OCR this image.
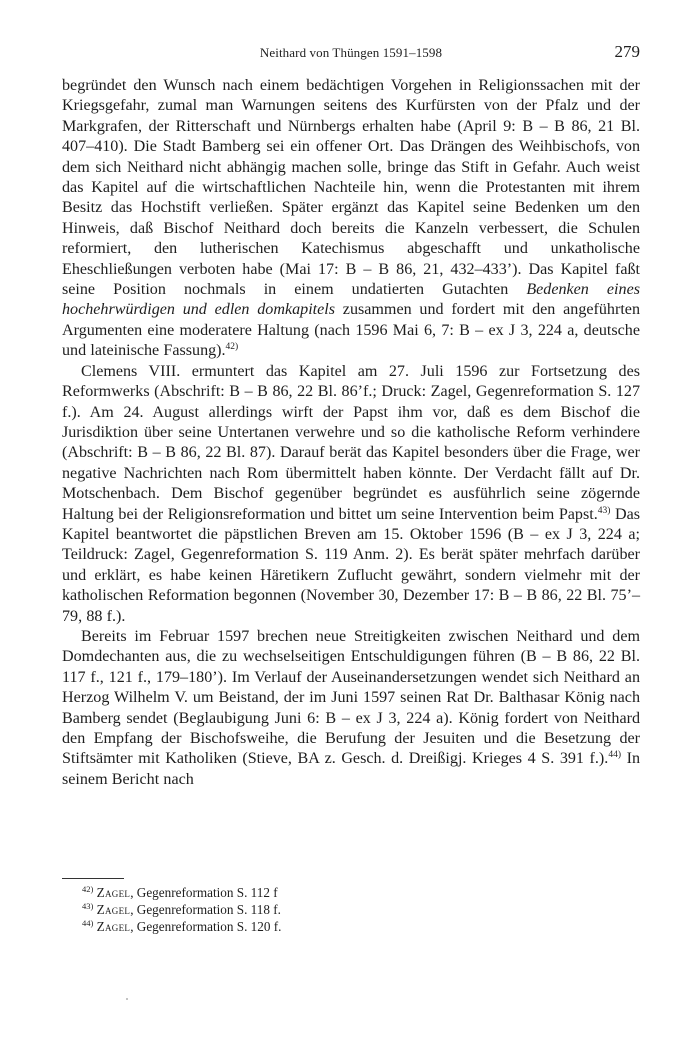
Neithard von Thüngen 1591–1598	279

begründet den Wunsch nach einem bedächtigen Vorgehen in Religionssachen mit der Kriegsgefahr, zumal man Warnungen seitens des Kurfürsten von der Pfalz und der Markgrafen, der Ritterschaft und Nürnbergs erhalten habe (April 9: B – B 86, 21 Bl. 407–410). Die Stadt Bamberg sei ein offener Ort. Das Drängen des Weihbischofs, von dem sich Neithard nicht abhängig machen solle, bringe das Stift in Gefahr. Auch weist das Kapitel auf die wirtschaftlichen Nachteile hin, wenn die Protestanten mit ihrem Besitz das Hochstift verließen. Später ergänzt das Kapitel seine Bedenken um den Hinweis, daß Bischof Neithard doch bereits die Kanzeln verbessert, die Schulen reformiert, den lutherischen Katechismus abgeschafft und unkatholische Eheschließungen verboten habe (Mai 17: B – B 86, 21, 432–433’). Das Kapitel faßt seine Position nochmals in einem undatierten Gutachten Bedenken eines hochehrwürdigen und edlen domkapitels zusammen und fordert mit den angeführten Argumenten eine moderatere Haltung (nach 1596 Mai 6, 7: B – ex J 3, 224 a, deutsche und lateinische Fassung).$^{42)}$

Clemens VIII. ermuntert das Kapitel am 27. Juli 1596 zur Fortsetzung des Reformwerks (Abschrift: B – B 86, 22 Bl. 86’f.; Druck: Zagel, Gegenreformation S. 127 f.). Am 24. August allerdings wirft der Papst ihm vor, daß es dem Bischof die Jurisdiktion über seine Untertanen verwehre und so die katholische Reform verhindere (Abschrift: B – B 86, 22 Bl. 87). Darauf berät das Kapitel besonders über die Frage, wer negative Nachrichten nach Rom übermittelt haben könnte. Der Verdacht fällt auf Dr. Motschenbach. Dem Bischof gegenüber begründet es ausführlich seine zögernde Haltung bei der Religionsreformation und bittet um seine Intervention beim Papst.$^{43)}$ Das Kapitel beantwortet die päpstlichen Breven am 15. Oktober 1596 (B – ex J 3, 224 a; Teildruck: Zagel, Gegenreformation S. 119 Anm. 2). Es berät später mehrfach darüber und erklärt, es habe keinen Häretikern Zuflucht gewährt, sondern vielmehr mit der katholischen Reformation begonnen (November 30, Dezember 17: B – B 86, 22 Bl. 75’–79, 88 f.).

Bereits im Februar 1597 brechen neue Streitigkeiten zwischen Neithard und dem Domdechanten aus, die zu wechselseitigen Entschuldigungen führen (B – B 86, 22 Bl. 117 f., 121 f., 179–180’). Im Verlauf der Auseinandersetzungen wendet sich Neithard an Herzog Wilhelm V. um Beistand, der im Juni 1597 seinen Rat Dr. Balthasar König nach Bamberg sendet (Beglaubigung Juni 6: B – ex J 3, 224 a). König fordert von Neithard den Empfang der Bischofsweihe, die Berufung der Jesuiten und die Besetzung der Stiftsämter mit Katholiken (Stieve, BA z. Gesch. d. Dreißigj. Krieges 4 S. 391 f.).$^{44)}$ In seinem Bericht nach

$^{42)}$ Zagel, Gegenreformation S. 112 f
$^{43)}$ Zagel, Gegenreformation S. 118 f.
$^{44)}$ Zagel, Gegenreformation S. 120 f.
